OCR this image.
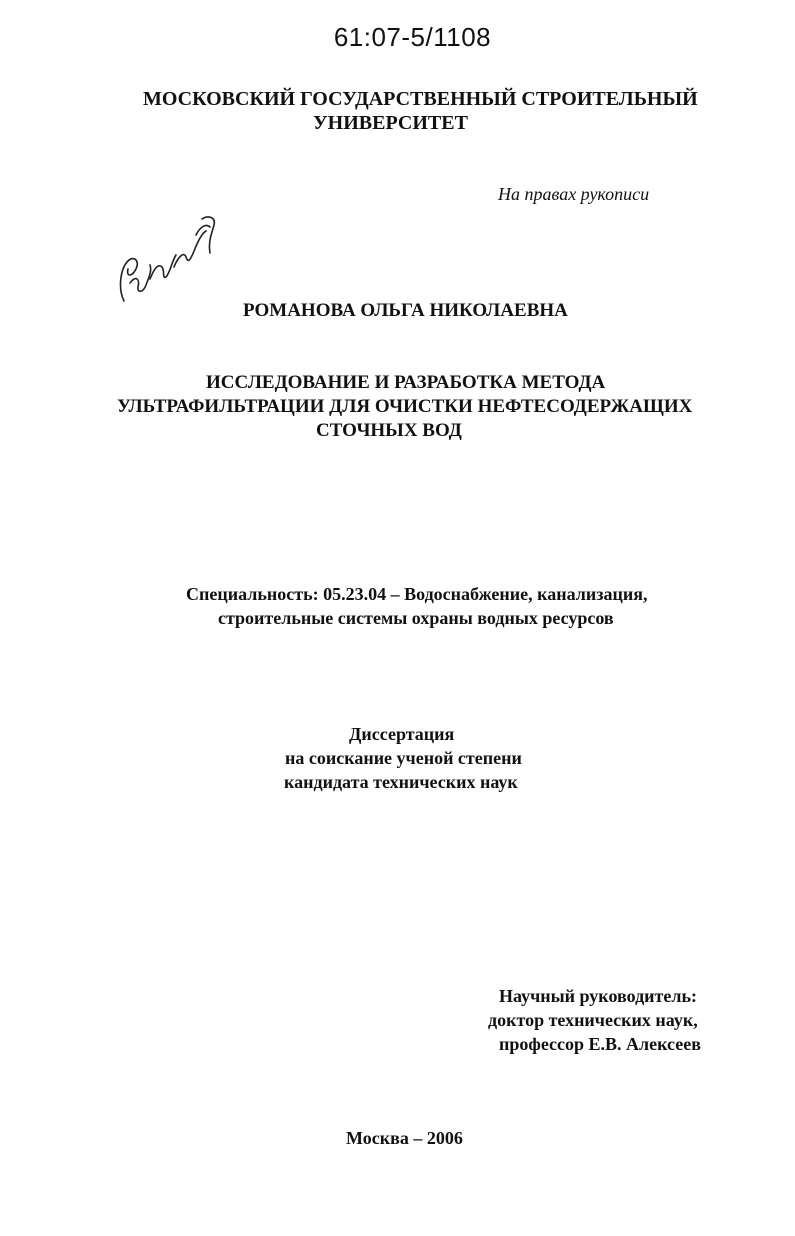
61:07-5/1108

МОСКОВСКИЙ ГОСУДАРСТВЕННЫЙ СТРОИТЕЛЬНЫЙ

УНИВЕРСИТЕТ

На правах рукописи

РОМАНОВА ОЛЬГА НИКОЛАЕВНА

ИССЛЕДОВАНИЕ И РАЗРАБОТКА МЕТОДА

УЛЬТРАФИЛЬТРАЦИИ ДЛЯ ОЧИСТКИ НЕФТЕСОДЕРЖАЩИХ

СТОЧНЫХ ВОД

Специальность: 05.23.04 – Водоснабжение, канализация,

строительные системы охраны водных ресурсов

Диссертация

на соискание ученой степени

кандидата технических наук

Научный руководитель:

доктор технических наук,

профессор Е.В. Алексеев

Москва – 2006
